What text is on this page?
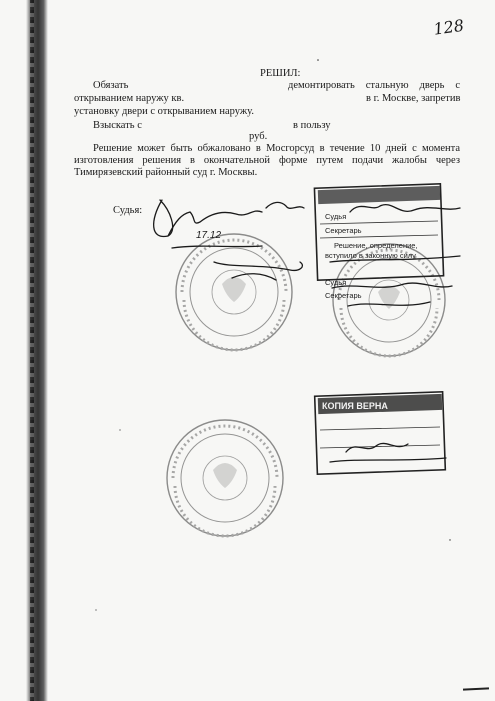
128
РЕШИЛ:
Обязать	демонтировать стальную дверь с
открыванием наружу кв.	в г. Москве, запретив
установку двери с открыванием наружу.
Взыскать с	в пользу
руб.
Решение может быть обжаловано в Мосгорсуд в течение 10 дней с момента
изготовления решения в окончательной форме путем подачи жалобы через
Тимирязевский районный суд г. Москвы.
Судья:
Судья
Секретарь
Решение, определение,
вступило в законную силу
КОПИЯ ВЕРНА
Судья
Секретарь
17.12
